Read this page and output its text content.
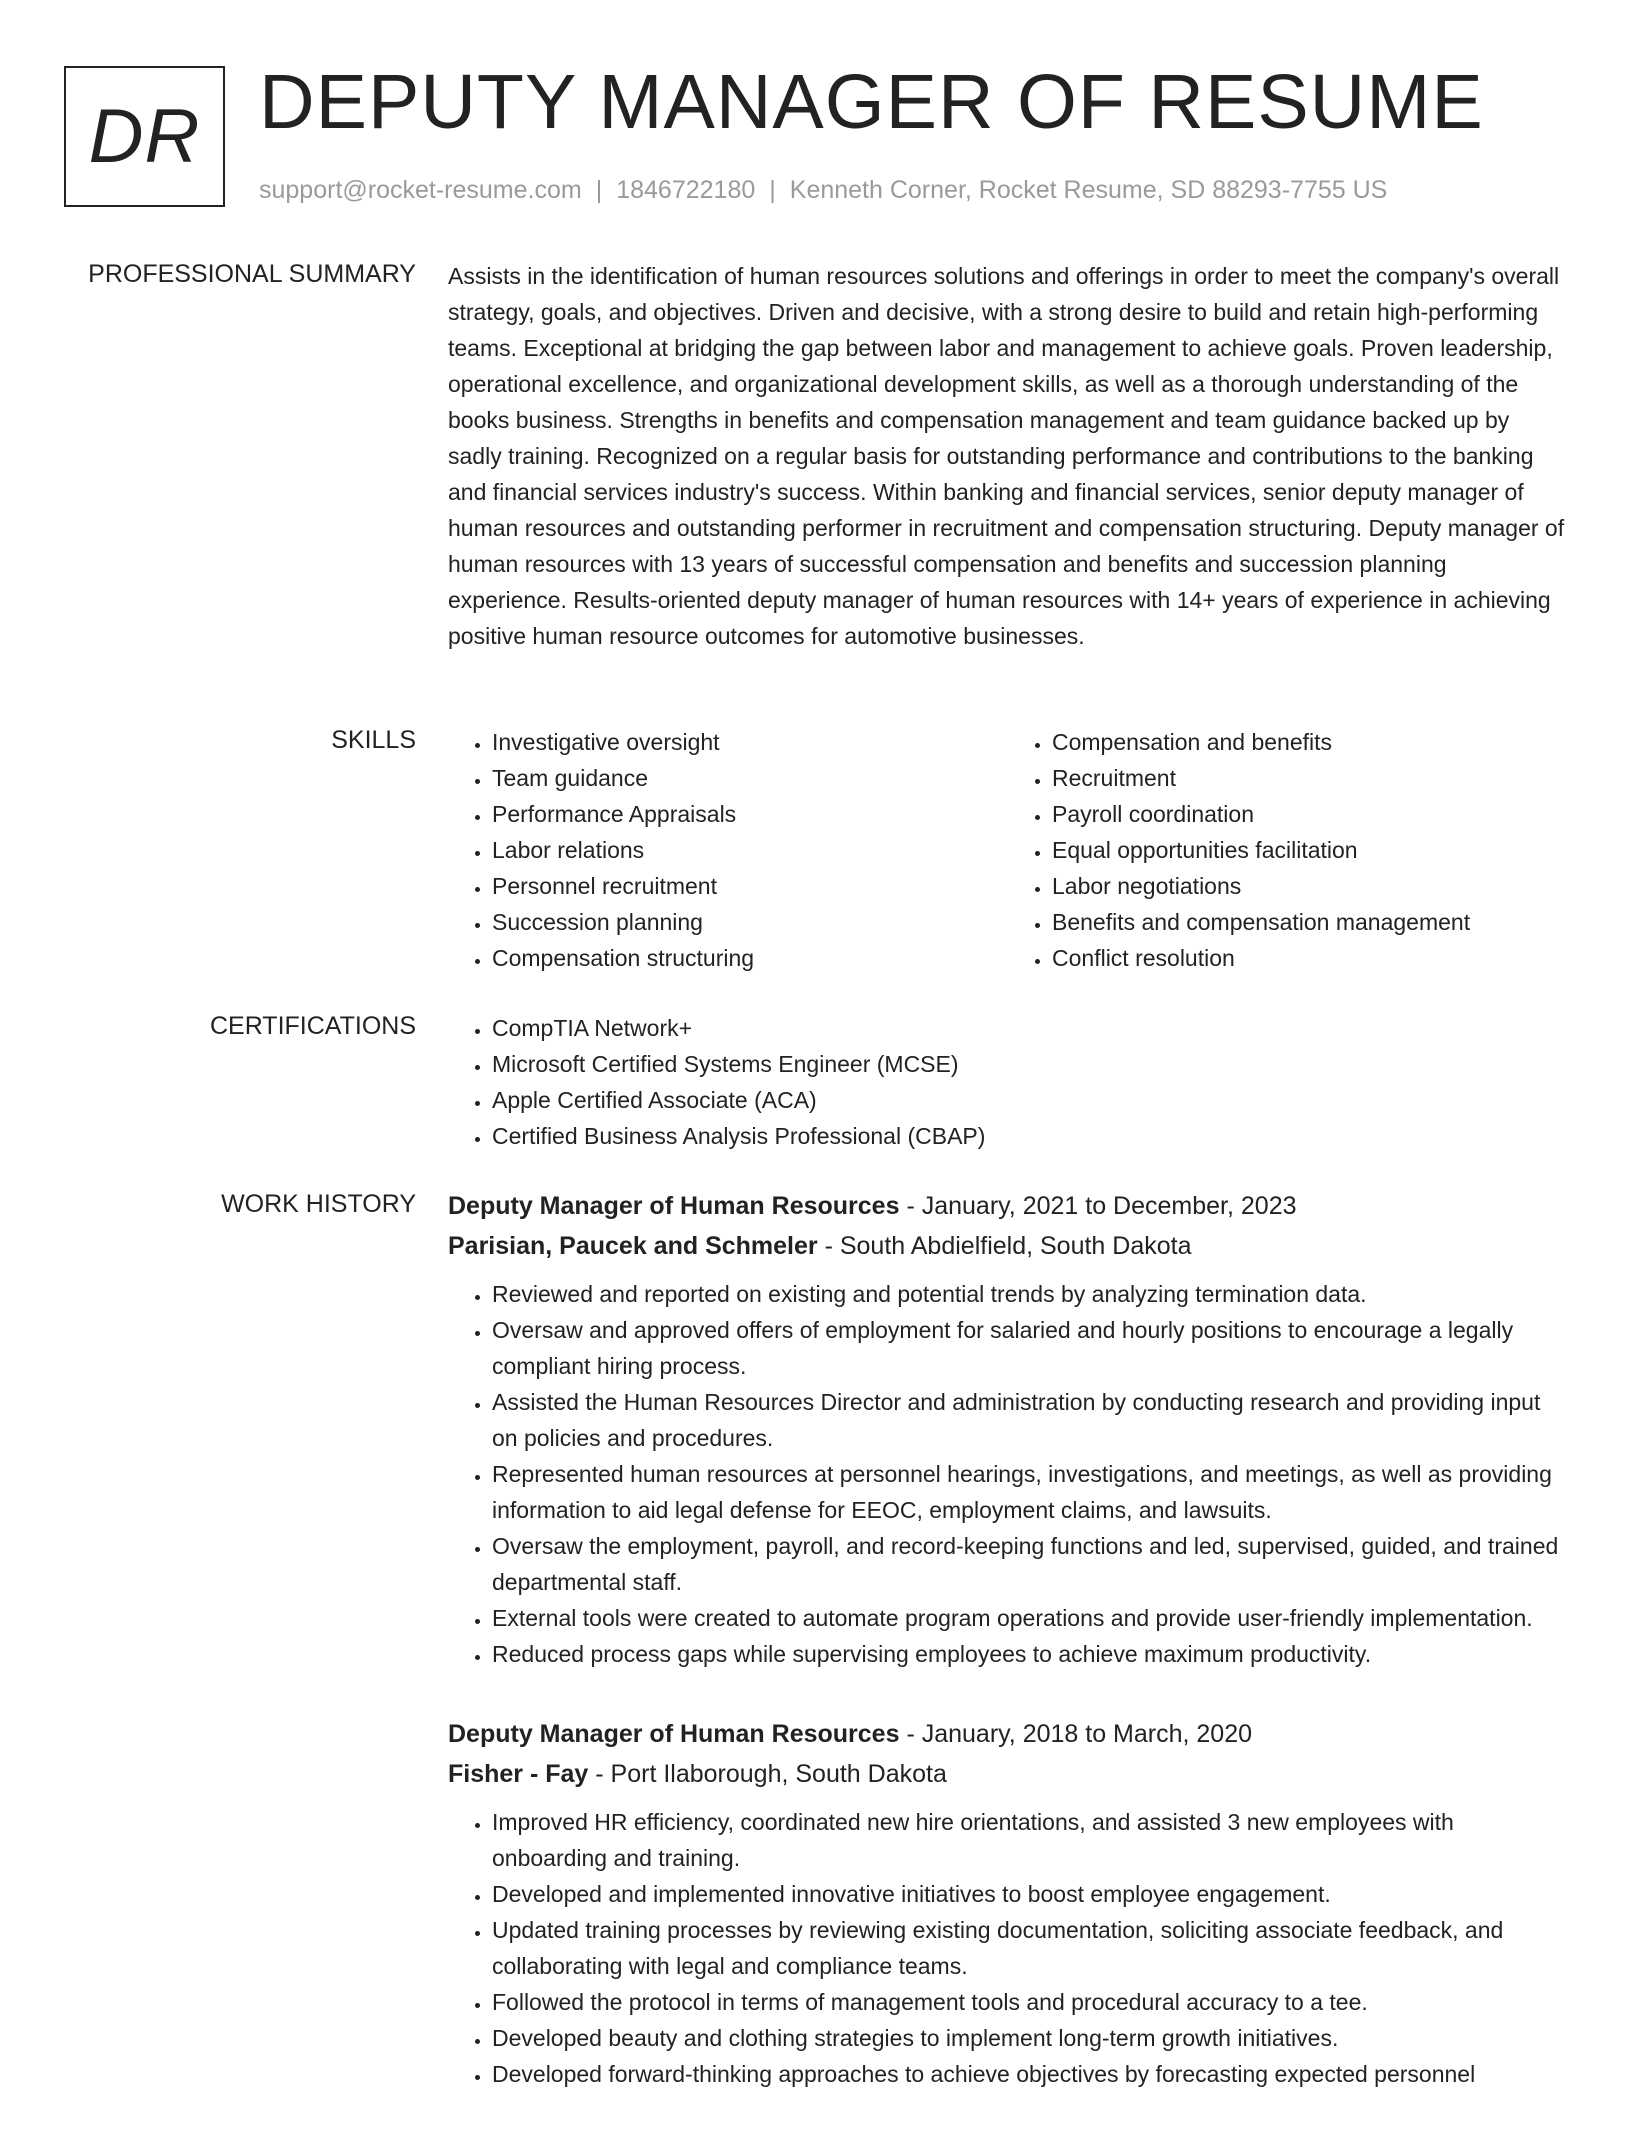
DR DEPUTY MANAGER OF RESUME
support@rocket-resume.com | 1846722180 | Kenneth Corner, Rocket Resume, SD 88293-7755 US
PROFESSIONAL SUMMARY Assists in the identification of human resources solutions and offerings in order to meet the company's overall strategy, goals, and objectives. Driven and decisive, with a strong desire to build and retain high-performing teams. Exceptional at bridging the gap between labor and management to achieve goals. Proven leadership, operational excellence, and organizational development skills, as well as a thorough understanding of the books business. Strengths in benefits and compensation management and team guidance backed up by sadly training. Recognized on a regular basis for outstanding performance and contributions to the banking and financial services industry's success. Within banking and financial services, senior deputy manager of human resources and outstanding performer in recruitment and compensation structuring. Deputy manager of human resources with 13 years of successful compensation and benefits and succession planning experience. Results-oriented deputy manager of human resources with 14+ years of experience in achieving positive human resource outcomes for automotive businesses.

SKILLS	• Investigative oversight
• Team guidance
• Performance Appraisals
• Labor relations
• Personnel recruitment
• Succession planning
• Compensation structuring
• Compensation and benefits
• Recruitment
• Payroll coordination
• Equal opportunities facilitation
• Labor negotiations
• Benefits and compensation management
• Conflict resolution
CERTIFICATIONS	• CompTIA Network+
• Microsoft Certified Systems Engineer (MCSE)
• Apple Certified Associate (ACA)
• Certified Business Analysis Professional (CBAP)
WORK HISTORY Deputy Manager of Human Resources - January, 2021 to December, 2023
Parisian, Paucek and Schmeler - South Abdielfield, South Dakota
• Reviewed and reported on existing and potential trends by analyzing termination data.
• Oversaw and approved offers of employment for salaried and hourly positions to encourage a legally compliant hiring process.
• Assisted the Human Resources Director and administration by conducting research and providing input on policies and procedures.
• Represented human resources at personnel hearings, investigations, and meetings, as well as providing information to aid legal defense for EEOC, employment claims, and lawsuits.
• Oversaw the employment, payroll, and record-keeping functions and led, supervised, guided, and trained departmental staff.
• External tools were created to automate program operations and provide user-friendly implementation.
• Reduced process gaps while supervising employees to achieve maximum productivity.
Deputy Manager of Human Resources - January, 2018 to March, 2020
Fisher - Fay - Port Ilaborough, South Dakota
• Improved HR efficiency, coordinated new hire orientations, and assisted 3 new employees with onboarding and training.
• Developed and implemented innovative initiatives to boost employee engagement.
• Updated training processes by reviewing existing documentation, soliciting associate feedback, and collaborating with legal and compliance teams.
• Followed the protocol in terms of management tools and procedural accuracy to a tee.
• Developed beauty and clothing strategies to implement long-term growth initiatives.
• Developed forward-thinking approaches to achieve objectives by forecasting expected personnel
